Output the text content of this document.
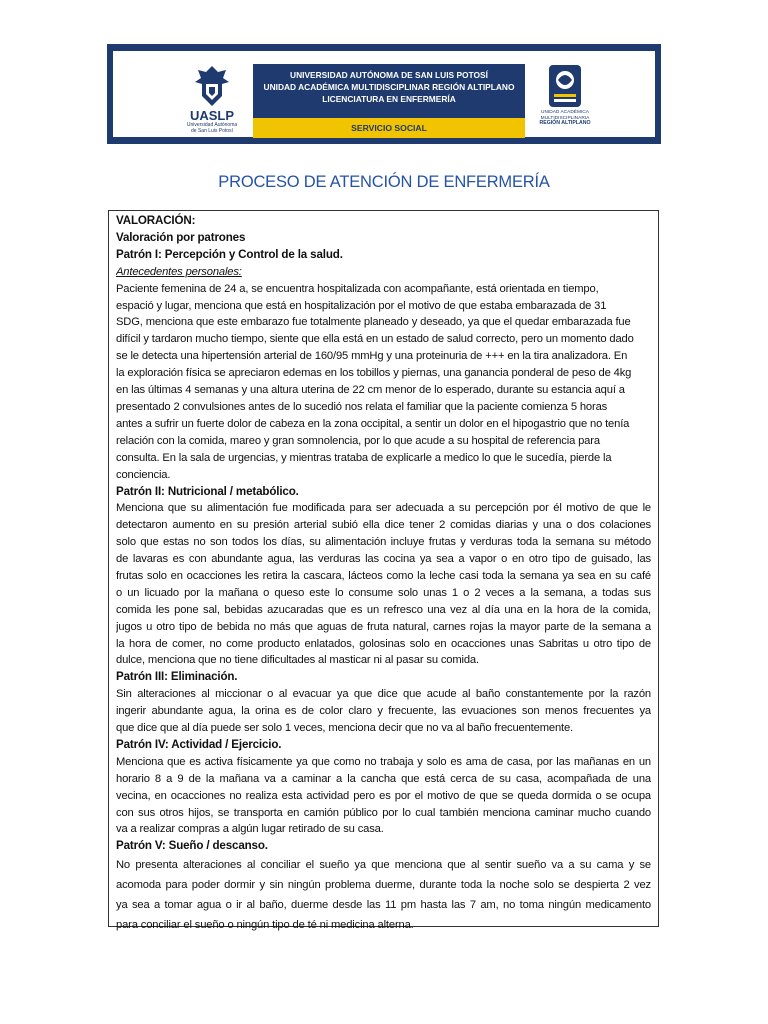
UASLP
Universidad Autónoma
de San Luis Potosí
UNIVERSIDAD AUTÓNOMA DE SAN LUIS POTOSÍ
UNIDAD ACADÉMICA MULTIDISCIPLINAR REGIÓN ALTIPLANO
LICENCIATURA EN ENFERMERÍA
SERVICIO SOCIAL
UNIDAD ACADÉMICA
MULTIDISCIPLINARIA
REGIÓN ALTIPLANO
PROCESO DE ATENCIÓN DE ENFERMERÍA
VALORACIÓN:
Valoración por patrones
Patrón I: Percepción y Control de la salud.
Antecedentes personales:
Paciente femenina de 24 a, se encuentra hospitalizada con acompañante, está orientada en tiempo,
espació y lugar, menciona que está en hospitalización por el motivo de que estaba embarazada de 31
SDG, menciona que este embarazo fue totalmente planeado y deseado, ya que el quedar embarazada fue
difícil y tardaron mucho tiempo, siente que ella está en un estado de salud correcto, pero un momento dado
se le detecta una hipertensión arterial de 160/95 mmHg y una proteinuria de +++ en la tira analizadora. En
la exploración física se apreciaron edemas en los tobillos y piernas, una ganancia ponderal de peso de 4kg
en las últimas 4 semanas y una altura uterina de 22 cm menor de lo esperado, durante su estancia aquí a
presentado 2 convulsiones antes de lo sucedió nos relata el familiar que la paciente comienza 5 horas
antes a sufrir un fuerte dolor de cabeza en la zona occipital, a sentir un dolor en el hipogastrio que no tenía
relación con la comida, mareo y gran somnolencia, por lo que acude a su hospital de referencia para
consulta. En la sala de urgencias, y mientras trataba de explicarle a medico lo que le sucedía, pierde la
conciencia.
Patrón II: Nutricional / metabólico.
Menciona que su alimentación fue modificada para ser adecuada a su percepción por él motivo de que le
detectaron aumento en su presión arterial subió ella dice tener 2 comidas diarias y una o dos colaciones
solo que estas no son todos los días, su alimentación incluye frutas y verduras toda la semana su método
de lavaras es con abundante agua, las verduras las cocina ya sea a vapor o en otro tipo de guisado, las
frutas solo en ocacciones les retira la cascara, lácteos como la leche casi toda la semana ya sea en su café
o un licuado por la mañana o queso este lo consume solo unas 1 o 2 veces a la semana, a todas sus
comida les pone sal, bebidas azucaradas que es un refresco una vez al día una en la hora de la comida,
jugos u otro tipo de bebida no más que aguas de fruta natural, carnes rojas la mayor parte de la semana a
la hora de comer, no come producto enlatados, golosinas solo en ocacciones unas Sabritas u otro tipo de
dulce, menciona que no tiene dificultades al masticar ni al pasar su comida.
Patrón III: Eliminación.
Sin alteraciones al miccionar o al evacuar ya que dice que acude al baño constantemente por la razón
ingerir abundante agua, la orina es de color claro y frecuente, las evuaciones son menos frecuentes ya
que dice que al día puede ser solo 1 veces, menciona decir que no va al baño frecuentemente.
Patrón IV: Actividad / Ejercicio.
Menciona que es activa físicamente ya que como no trabaja y solo es ama de casa, por las mañanas en un
horario 8 a 9 de la mañana va a caminar a la cancha que está cerca de su casa, acompañada de una
vecina, en ocacciones no realiza esta actividad pero es por el motivo de que se queda dormida o se ocupa
con sus otros hijos, se transporta en camión público por lo cual también menciona caminar mucho cuando
va a realizar compras a algún lugar retirado de su casa.
Patrón V: Sueño / descanso.
No presenta alteraciones al conciliar el sueño ya que menciona que al sentir sueño va a su cama y se
acomoda para poder dormir y sin ningún problema duerme, durante toda la noche solo se despierta 2 vez
ya sea a tomar agua o ir al baño, duerme desde las 11 pm hasta las 7 am, no toma ningún medicamento
para conciliar el sueño o ningún tipo de té ni medicina alterna.
